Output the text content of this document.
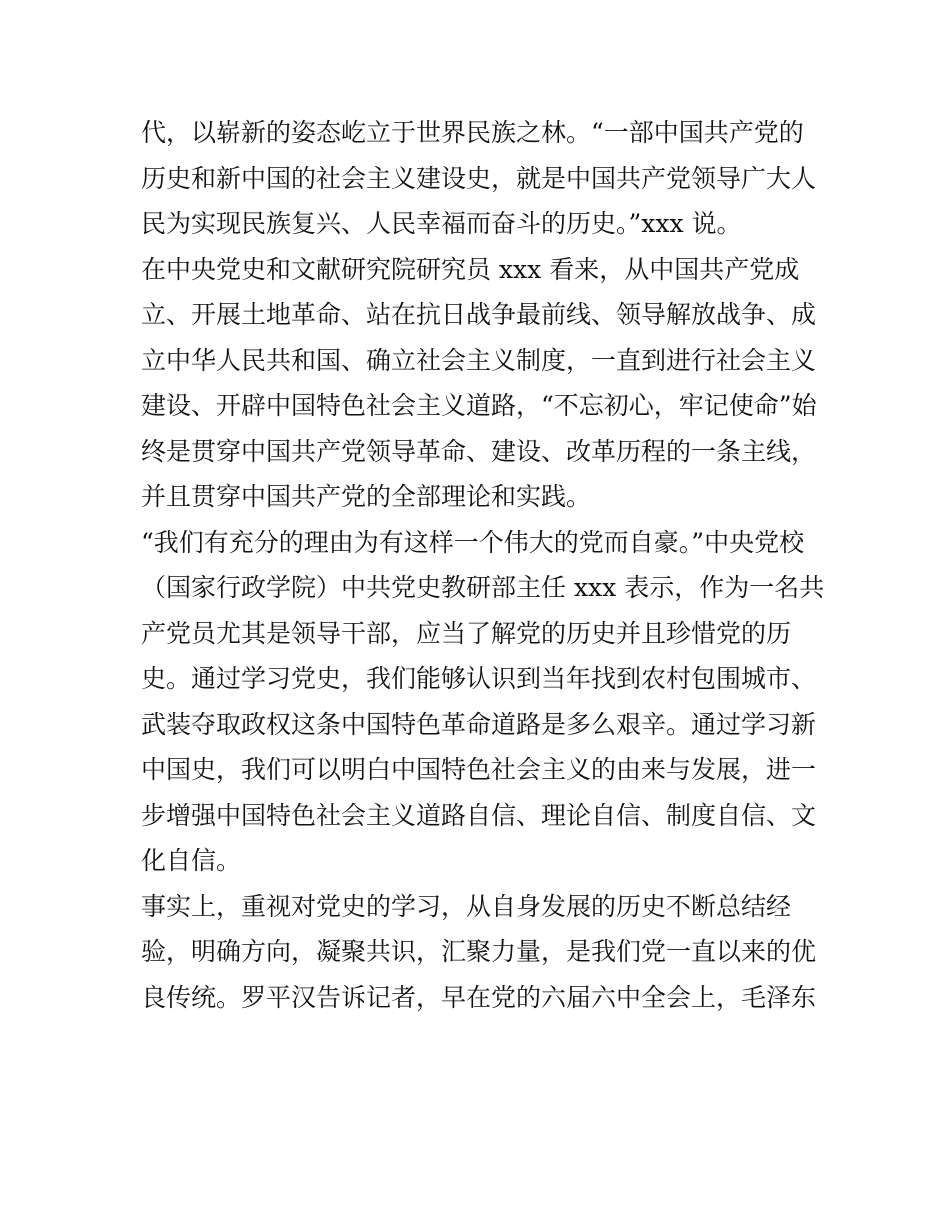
代，以崭新的姿态屹立于世界民族之林。“一部中国共产党的

历史和新中国的社会主义建设史，就是中国共产党领导广大人

民为实现民族复兴、人民幸福而奋斗的历史。”xxx 说。

在中央党史和文献研究院研究员 xxx 看来，从中国共产党成

立、开展土地革命、站在抗日战争最前线、领导解放战争、成

立中华人民共和国、确立社会主义制度，一直到进行社会主义

建设、开辟中国特色社会主义道路，“不忘初心，牢记使命”始

终是贯穿中国共产党领导革命、建设、改革历程的一条主线，

并且贯穿中国共产党的全部理论和实践。

“我们有充分的理由为有这样一个伟大的党而自豪。”中央党校

（国家行政学院）中共党史教研部主任 xxx 表示，作为一名共

产党员尤其是领导干部，应当了解党的历史并且珍惜党的历

史。通过学习党史，我们能够认识到当年找到农村包围城市、

武装夺取政权这条中国特色革命道路是多么艰辛。通过学习新

中国史，我们可以明白中国特色社会主义的由来与发展，进一

步增强中国特色社会主义道路自信、理论自信、制度自信、文

化自信。

事实上，重视对党史的学习，从自身发展的历史不断总结经

验，明确方向，凝聚共识，汇聚力量，是我们党一直以来的优

良传统。罗平汉告诉记者，早在党的六届六中全会上，毛泽东
